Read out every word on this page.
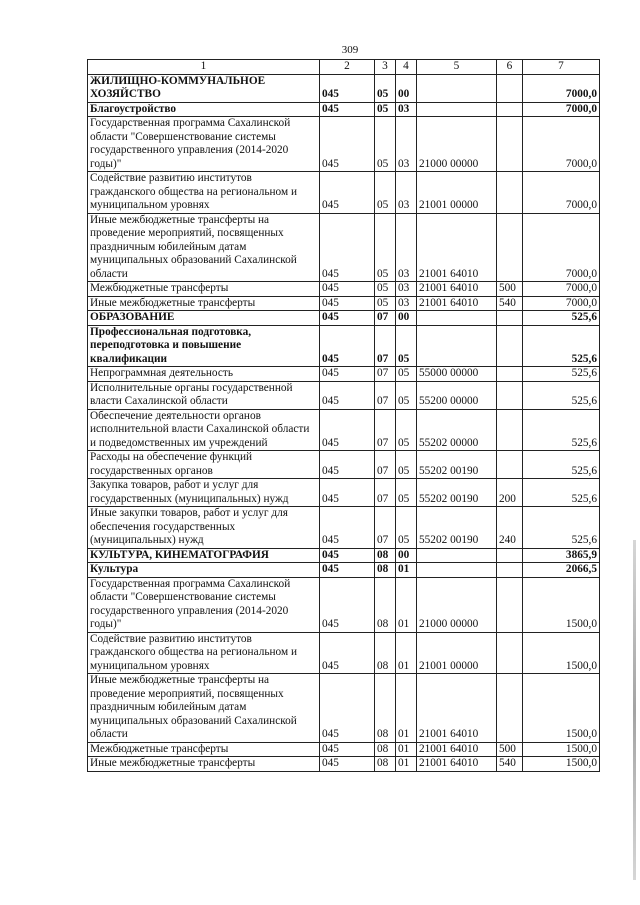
309
1	2	3	4	5	6	7
ЖИЛИЩНО-КОММУНАЛЬНОЕ ХОЗЯЙСТВО	045	05	00			7000,0
Благоустройство	045	05	03			7000,0
Государственная программа Сахалинской области "Совершенствование системы государственного управления (2014-2020 годы)"	045	05	03	21000 00000		7000,0
Содействие развитию институтов гражданского общества на региональном и муниципальном уровнях	045	05	03	21001 00000		7000,0
Иные межбюджетные трансферты на проведение мероприятий, посвященных праздничным юбилейным датам муниципальных образований Сахалинской области	045	05	03	21001 64010		7000,0
Межбюджетные трансферты	045	05	03	21001 64010	500	7000,0
Иные межбюджетные трансферты	045	05	03	21001 64010	540	7000,0
ОБРАЗОВАНИЕ	045	07	00			525,6
Профессиональная подготовка, переподготовка и повышение квалификации	045	07	05			525,6
Непрограммная деятельность	045	07	05	55000 00000		525,6
Исполнительные органы государственной власти Сахалинской области	045	07	05	55200 00000		525,6
Обеспечение деятельности органов исполнительной власти Сахалинской области и подведомственных им учреждений	045	07	05	55202 00000		525,6
Расходы на обеспечение функций государственных органов	045	07	05	55202 00190		525,6
Закупка товаров, работ и услуг для государственных (муниципальных) нужд	045	07	05	55202 00190	200	525,6
Иные закупки товаров, работ и услуг для обеспечения государственных (муниципальных) нужд	045	07	05	55202 00190	240	525,6
КУЛЬТУРА, КИНЕМАТОГРАФИЯ	045	08	00			3865,9
Культура	045	08	01			2066,5
Государственная программа Сахалинской области "Совершенствование системы государственного управления (2014-2020 годы)"	045	08	01	21000 00000		1500,0
Содействие развитию институтов гражданского общества на региональном и муниципальном уровнях	045	08	01	21001 00000		1500,0
Иные межбюджетные трансферты на проведение мероприятий, посвященных праздничным юбилейным датам муниципальных образований Сахалинской области	045	08	01	21001 64010		1500,0
Межбюджетные трансферты	045	08	01	21001 64010	500	1500,0
Иные межбюджетные трансферты	045	08	01	21001 64010	540	1500,0
